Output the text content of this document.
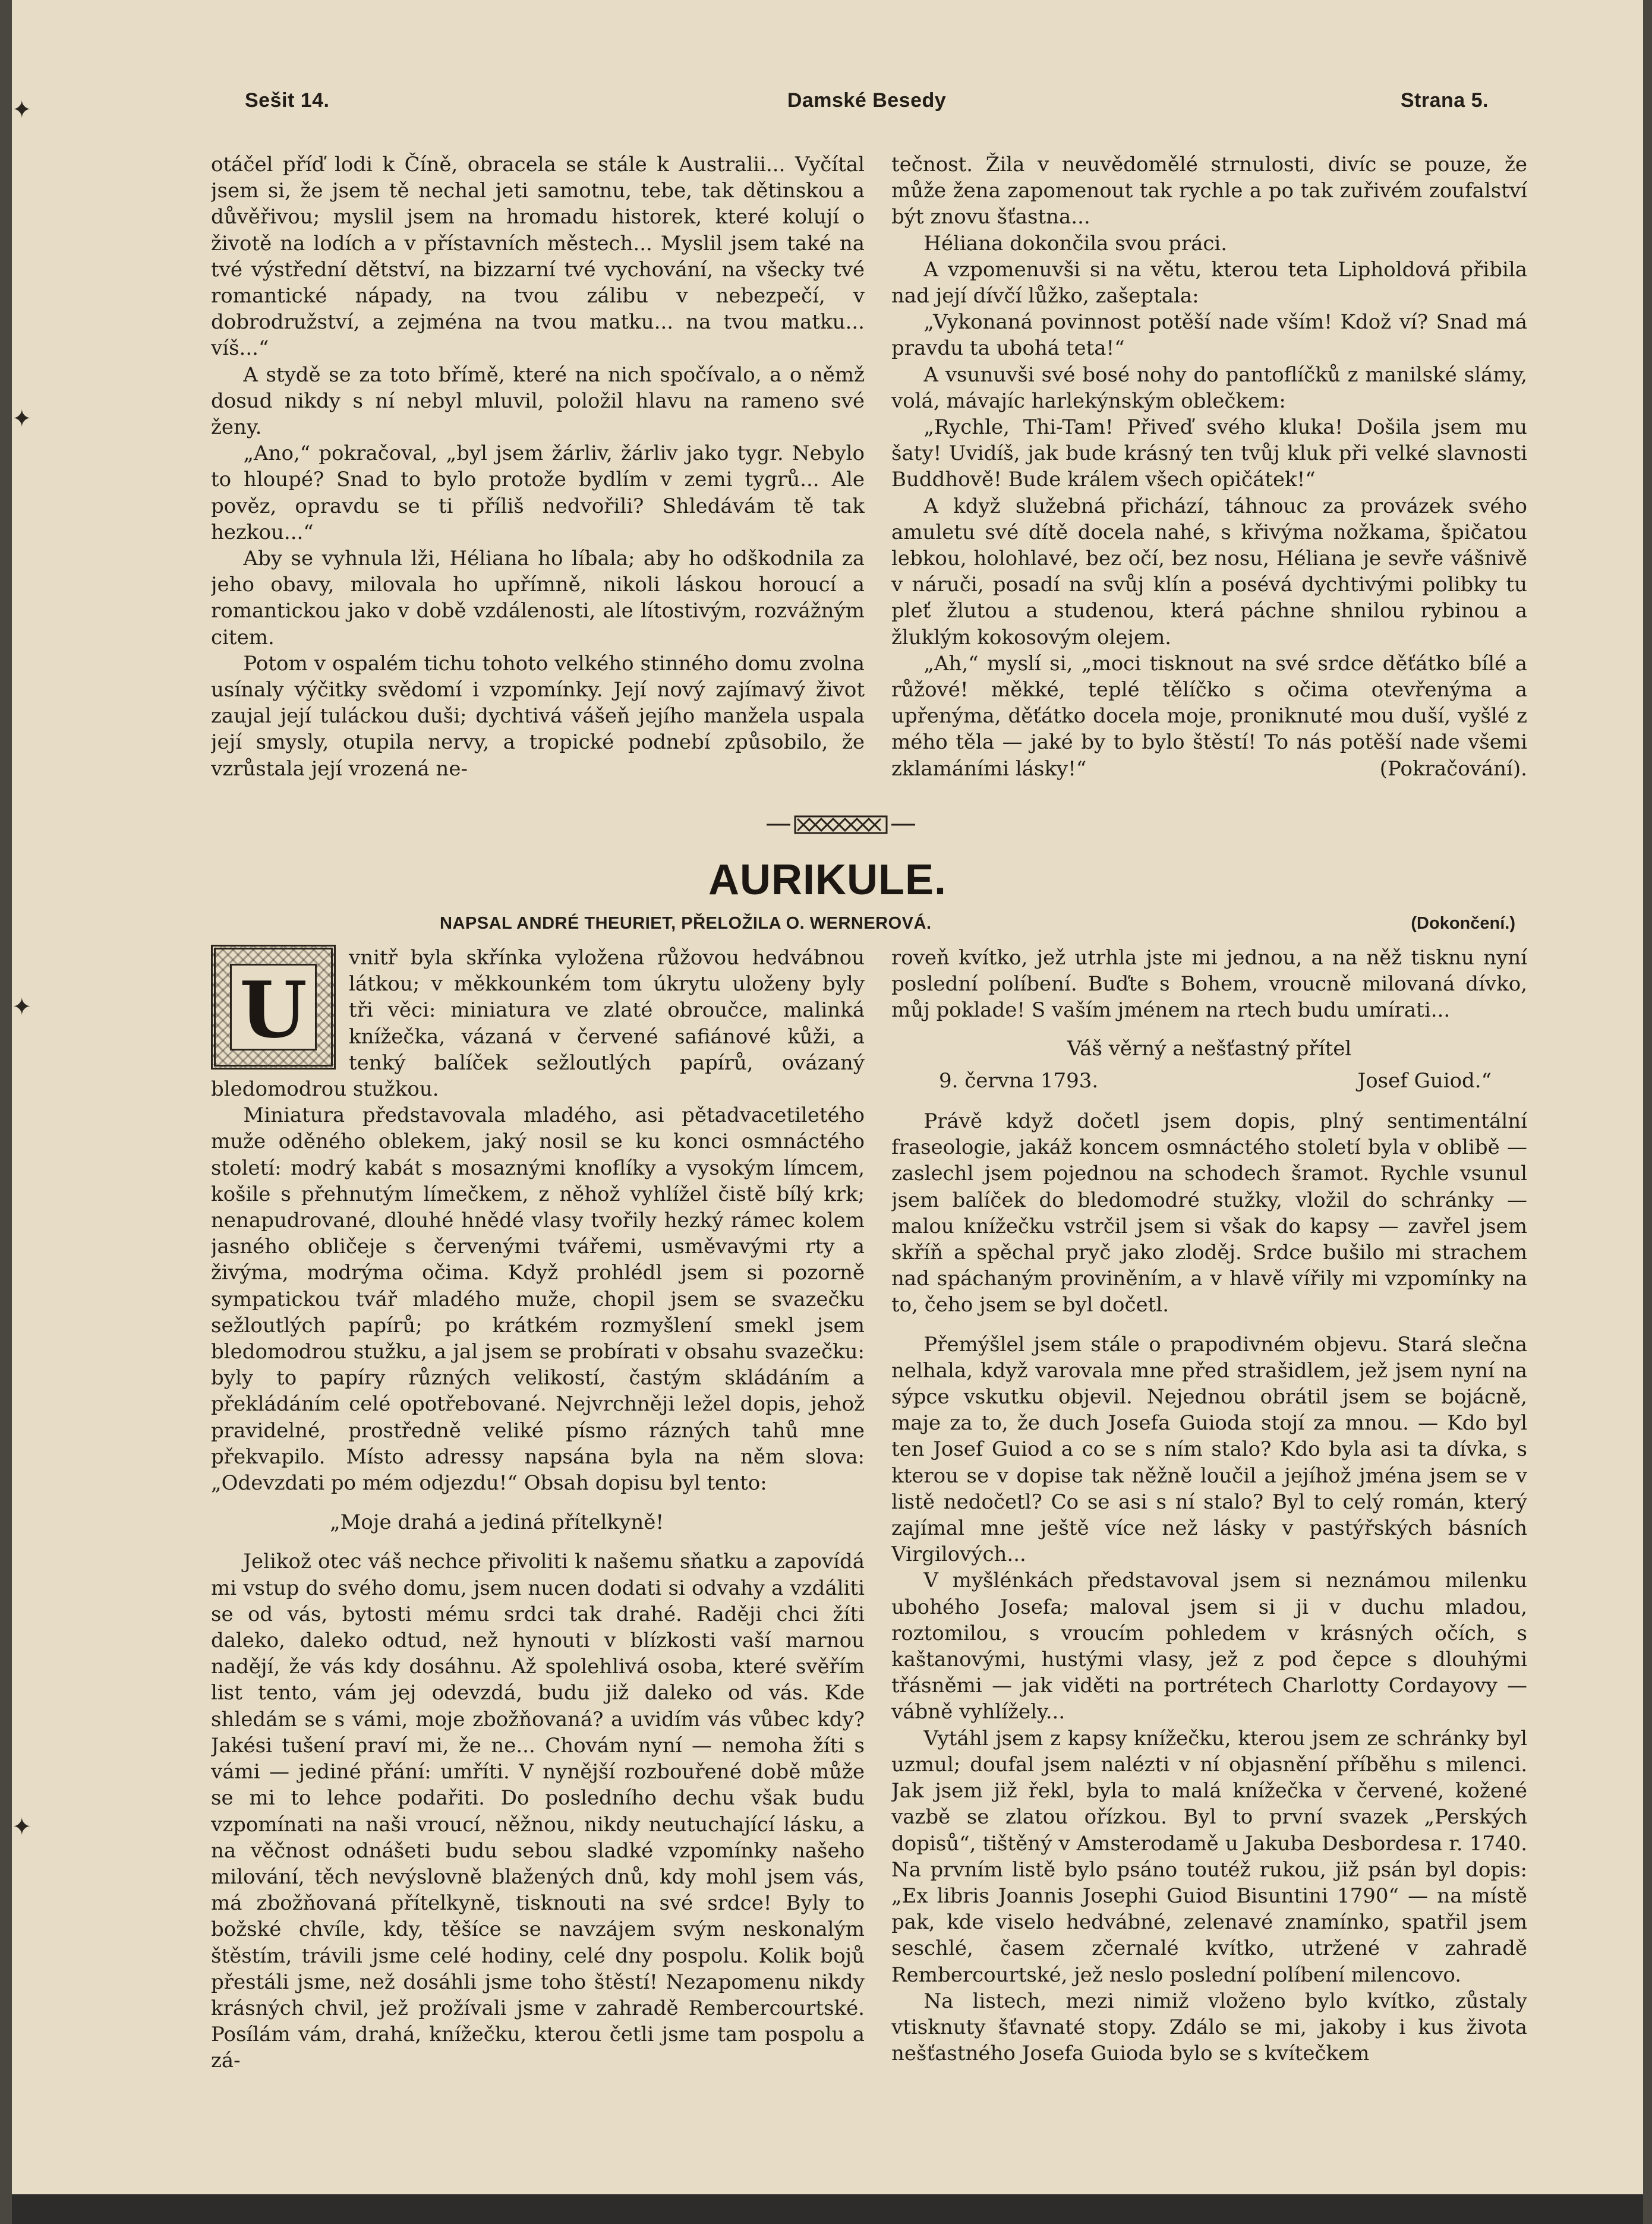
✦
✦
✦
✦
Sešit 14.	Damské Besedy	Strana 5.

otáčel příď lodi k Číně, obracela se stále k Australii... Vyčítal jsem si, že jsem tě nechal jeti samotnu, tebe, tak dětinskou a důvěřivou; myslil jsem na hromadu historek, které kolují o životě na lodích a v přístavních městech... Myslil jsem také na tvé výstřední dětství, na bizzarní tvé vychování, na všecky tvé romantické nápady, na tvou zálibu v nebezpečí, v dobrodružství, a zejména na tvou matku... na tvou matku... víš...“

A stydě se za toto břímě, které na nich spočívalo, a o němž dosud nikdy s ní nebyl mluvil, položil hlavu na rameno své ženy.

„Ano,“ pokračoval, „byl jsem žárliv, žárliv jako tygr. Nebylo to hloupé? Snad to bylo protože bydlím v zemi tygrů... Ale pověz, opravdu se ti příliš nedvořili? Shledávám tě tak hezkou...“

Aby se vyhnula lži, Héliana ho líbala; aby ho odškodnila za jeho obavy, milovala ho upřímně, nikoli láskou horoucí a romantickou jako v době vzdálenosti, ale lítostivým, rozvážným citem.

Potom v ospalém tichu tohoto velkého stinného domu zvolna usínaly výčitky svědomí i vzpomínky. Její nový zajímavý život zaujal její tuláckou duši; dychtivá vášeň jejího manžela uspala její smysly, otupila nervy, a tropické podnebí způsobilo, že vzrůstala její vrozená ne-

tečnost. Žila v neuvědomělé strnulosti, divíc se pouze, že může žena zapomenout tak rychle a po tak zuřivém zoufalství být znovu šťastna...

Héliana dokončila svou práci.

A vzpomenuvši si na větu, kterou teta Lipholdová přibila nad její dívčí lůžko, zašeptala:

„Vykonaná povinnost potěší nade vším! Kdož ví? Snad má pravdu ta ubohá teta!“

A vsunuvši své bosé nohy do pantoflíčků z manilské slámy, volá, mávajíc harlekýnským oblečkem:

„Rychle, Thi-Tam! Přiveď svého kluka! Došila jsem mu šaty! Uvidíš, jak bude krásný ten tvůj kluk při velké slavnosti Buddhově! Bude králem všech opičátek!“

A když služebná přichází, táhnouc za provázek svého amuletu své dítě docela nahé, s křivýma nožkama, špičatou lebkou, holohlavé, bez očí, bez nosu, Héliana je sevře vášnivě v náruči, posadí na svůj klín a posévá dychtivými polibky tu pleť žlutou a studenou, která páchne shnilou rybinou a žluklým kokosovým olejem.

„Ah,“ myslí si, „moci tisknout na své srdce děťátko bílé a růžové! měkké, teplé tělíčko s očima otevřenýma a upřenýma, děťátko docela moje, proniknuté mou duší, vyšlé z mého těla — jaké by to bylo štěstí! To nás potěší nade všemi zklamáními lásky!“	(Pokračování).

AURIKULE.
NAPSAL ANDRÉ THEURIET, PŘELOŽILA O. WERNEROVÁ.	(Dokončení.)
U

vnitř byla skřínka vyložena růžovou hedvábnou látkou; v měkkounkém tom úkrytu uloženy byly tři věci: miniatura ve zlaté obroučce, malinká knížečka, vázaná v červené safiánové kůži, a tenký balíček sežloutlých papírů, ovázaný bledomodrou stužkou.

Miniatura představovala mladého, asi pětadvacetiletého muže oděného oblekem, jaký nosil se ku konci osmnáctého století: modrý kabát s mosaznými knoflíky a vysokým límcem, košile s přehnutým límečkem, z něhož vyhlížel čistě bílý krk; nenapudrované, dlouhé hnědé vlasy tvořily hezký rámec kolem jasného obličeje s červenými tvářemi, usměvavými rty a živýma, modrýma očima. Když prohlédl jsem si pozorně sympatickou tvář mladého muže, chopil jsem se svazečku sežloutlých papírů; po krátkém rozmyšlení smekl jsem bledomodrou stužku, a jal jsem se probírati v obsahu svazečku: byly to papíry různých velikostí, častým skládáním a překládáním celé opotřebované. Nejvrchněji ležel dopis, jehož pravidelné, prostředně veliké písmo rázných tahů mne překvapilo. Místo adressy napsána byla na něm slova: „Odevzdati po mém odjezdu!“ Obsah dopisu byl tento:

„Moje drahá a jediná přítelkyně!

Jelikož otec váš nechce přivoliti k našemu sňatku a zapovídá mi vstup do svého domu, jsem nucen dodati si odvahy a vzdáliti se od vás, bytosti mému srdci tak drahé. Raději chci žíti daleko, daleko odtud, než hynouti v blízkosti vaší marnou nadějí, že vás kdy dosáhnu. Až spolehlivá osoba, které svěřím list tento, vám jej odevzdá, budu již daleko od vás. Kde shledám se s vámi, moje zbožňovaná? a uvidím vás vůbec kdy? Jakési tušení praví mi, že ne... Chovám nyní — nemoha žíti s vámi — jediné přání: umříti. V nynější rozbouřené době může se mi to lehce podařiti. Do posledního dechu však budu vzpomínati na naši vroucí, něžnou, nikdy neutuchající lásku, a na věčnost odnášeti budu sebou sladké vzpomínky našeho milování, těch nevýslovně blažených dnů, kdy mohl jsem vás, má zbožňovaná přítelkyně, tisknouti na své srdce! Byly to božské chvíle, kdy, těšíce se navzájem svým neskonalým štěstím, trávili jsme celé hodiny, celé dny pospolu. Kolik bojů přestáli jsme, než dosáhli jsme toho štěstí! Nezapomenu nikdy krásných chvil, jež prožívali jsme v zahradě Rembercourtské. Posílám vám, drahá, knížečku, kterou četli jsme tam pospolu a zá-

roveň kvítko, jež utrhla jste mi jednou, a na něž tisknu nyní poslední políbení. Buďte s Bohem, vroucně milovaná dívko, můj poklade! S vaším jménem na rtech budu umírati...

Váš věrný a nešťastný přítel

9. června 1793.	Josef Guiod.“

Právě když dočetl jsem dopis, plný sentimentální fraseologie, jakáž koncem osmnáctého století byla v oblibě — zaslechl jsem pojednou na schodech šramot. Rychle vsunul jsem balíček do bledomodré stužky, vložil do schránky — malou knížečku vstrčil jsem si však do kapsy — zavřel jsem skříň a spěchal pryč jako zloděj. Srdce bušilo mi strachem nad spáchaným proviněním, a v hlavě vířily mi vzpomínky na to, čeho jsem se byl dočetl.

Přemýšlel jsem stále o prapodivném objevu. Stará slečna nelhala, když varovala mne před strašidlem, jež jsem nyní na sýpce vskutku objevil. Nejednou obrátil jsem se bojácně, maje za to, že duch Josefa Guioda stojí za mnou. — Kdo byl ten Josef Guiod a co se s ním stalo? Kdo byla asi ta dívka, s kterou se v dopise tak něžně loučil a jejíhož jména jsem se v listě nedočetl? Co se asi s ní stalo? Byl to celý román, který zajímal mne ještě více než lásky v pastýřských básních Virgilových...

V myšlénkách představoval jsem si neznámou milenku ubohého Josefa; maloval jsem si ji v duchu mladou, roztomilou, s vroucím pohledem v krásných očích, s kaštanovými, hustými vlasy, jež z pod čepce s dlouhými třásněmi — jak viděti na portrétech Charlotty Cordayovy — vábně vyhlížely...

Vytáhl jsem z kapsy knížečku, kterou jsem ze schránky byl uzmul; doufal jsem nalézti v ní objasnění příběhu s milenci. Jak jsem již řekl, byla to malá knížečka v červené, kožené vazbě se zlatou ořízkou. Byl to první svazek „Perských dopisů“, tištěný v Amsterodamě u Jakuba Desbordesa r. 1740. Na prvním listě bylo psáno toutéž rukou, již psán byl dopis: „Ex libris Joannis Josephi Guiod Bisuntini 1790“ — na místě pak, kde viselo hedvábné, zelenavé znamínko, spatřil jsem seschlé, časem zčernalé kvítko, utržené v zahradě Rembercourtské, jež neslo poslední políbení milencovo.

Na listech, mezi nimiž vloženo bylo kvítko, zůstaly vtisknuty šťavnaté stopy. Zdálo se mi, jakoby i kus života nešťastného Josefa Guioda bylo se s kvítečkem
